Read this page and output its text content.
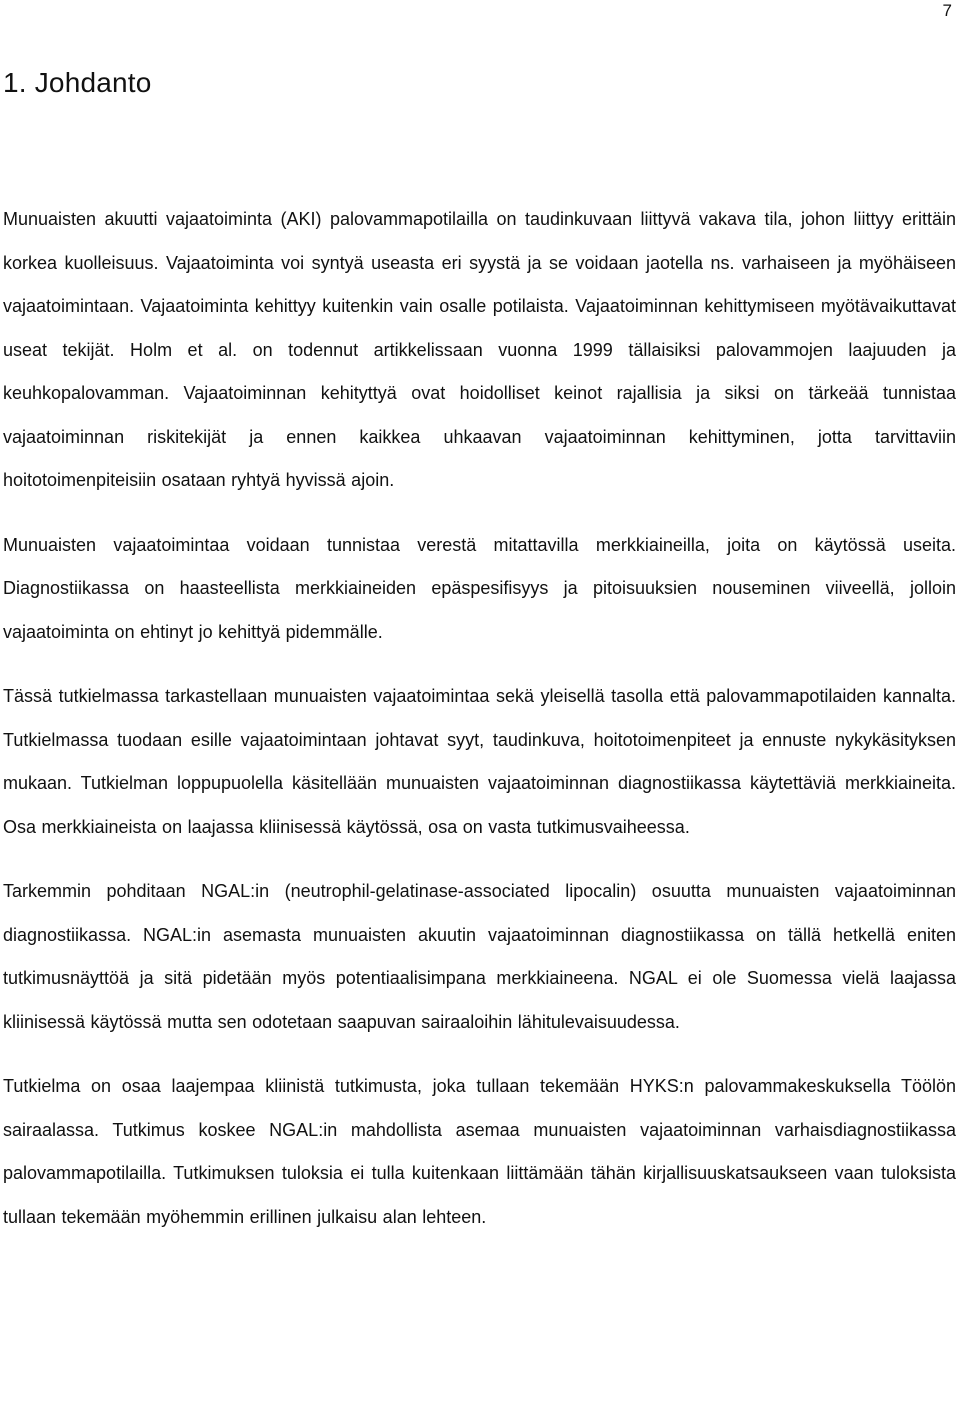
7
1. Johdanto

Munuaisten akuutti vajaatoiminta (AKI) palovammapotilailla on taudinkuvaan liittyvä vakava tila, johon liittyy erittäin korkea kuolleisuus. Vajaatoiminta voi syntyä useasta eri syystä ja se voidaan jaotella ns. varhaiseen ja myöhäiseen vajaatoimintaan. Vajaatoiminta kehittyy kuitenkin vain osalle potilaista. Vajaatoiminnan kehittymiseen myötävaikuttavat useat tekijät. Holm et al. on todennut artikkelissaan vuonna 1999 tällaisiksi palovammojen laajuuden ja keuhkopalovamman. Vajaatoiminnan kehityttyä ovat hoidolliset keinot rajallisia ja siksi on tärkeää tunnistaa vajaatoiminnan riskitekijät ja ennen kaikkea uhkaavan vajaatoiminnan kehittyminen, jotta tarvittaviin hoitotoimenpiteisiin osataan ryhtyä hyvissä ajoin.

Munuaisten vajaatoimintaa voidaan tunnistaa verestä mitattavilla merkkiaineilla, joita on käytössä useita. Diagnostiikassa on haasteellista merkkiaineiden epäspesifisyys ja pitoisuuksien nouseminen viiveellä, jolloin vajaatoiminta on ehtinyt jo kehittyä pidemmälle.

Tässä tutkielmassa tarkastellaan munuaisten vajaatoimintaa sekä yleisellä tasolla että palovammapotilaiden kannalta. Tutkielmassa tuodaan esille vajaatoimintaan johtavat syyt, taudinkuva, hoitotoimenpiteet ja ennuste nykykäsityksen mukaan. Tutkielman loppupuolella käsitellään munuaisten vajaatoiminnan diagnostiikassa käytettäviä merkkiaineita. Osa merkkiaineista on laajassa kliinisessä käytössä, osa on vasta tutkimusvaiheessa.

Tarkemmin pohditaan NGAL:in (neutrophil-gelatinase-associated lipocalin) osuutta munuaisten vajaatoiminnan diagnostiikassa. NGAL:in asemasta munuaisten akuutin vajaatoiminnan diagnostiikassa on tällä hetkellä eniten tutkimusnäyttöä ja sitä pidetään myös potentiaalisimpana merkkiaineena. NGAL ei ole Suomessa vielä laajassa kliinisessä käytössä mutta sen odotetaan saapuvan sairaaloihin lähitulevaisuudessa.

Tutkielma on osaa laajempaa kliinistä tutkimusta, joka tullaan tekemään HYKS:n palovammakeskuksella Töölön sairaalassa. Tutkimus koskee NGAL:in mahdollista asemaa munuaisten vajaatoiminnan varhaisdiagnostiikassa palovammapotilailla. Tutkimuksen tuloksia ei tulla kuitenkaan liittämään tähän kirjallisuuskatsaukseen vaan tuloksista tullaan tekemään myöhemmin erillinen julkaisu alan lehteen.
